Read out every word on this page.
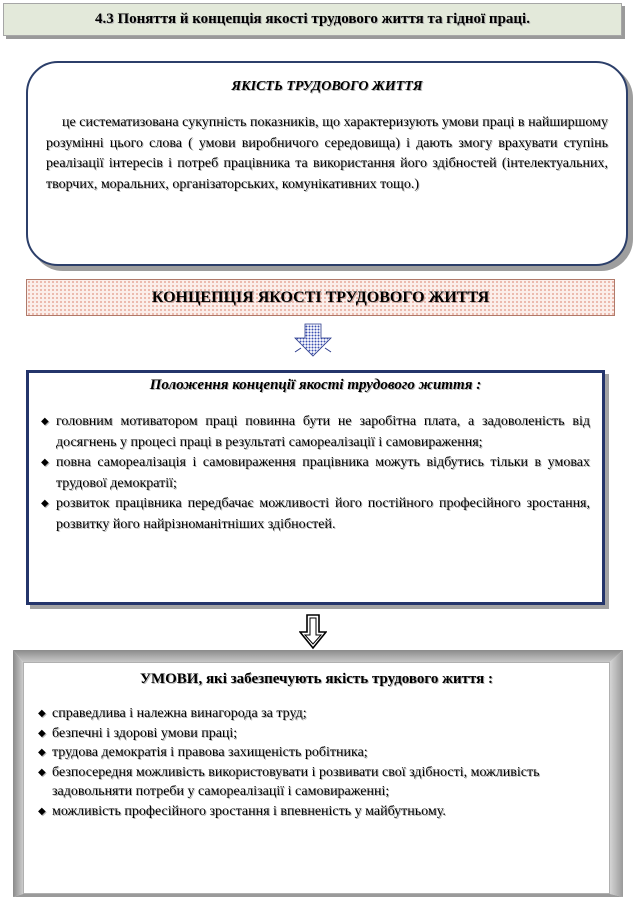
4.3 Поняття й концепція якості трудового життя та гідної праці.
ЯКІСТЬ ТРУДОВОГО ЖИТТЯ
це систематизована сукупність показників, що характеризують умови праці в найширшому розумінні цього слова ( умови виробничого середовища) і дають змогу врахувати ступінь реалізації інтересів і потреб працівника та використання його здібностей (інтелектуальних, творчих, моральних, організаторських, комунікативних тощо.)
КОНЦЕПЦІЯ ЯКОСТІ ТРУДОВОГО ЖИТТЯ
Положення концепції якості трудового життя :
◆ головним мотиватором праці повинна бути не заробітна плата, а задоволеність від досягнень у процесі праці в результаті самореалізації і самовираження;
◆ повна самореалізація і самовираження працівника можуть відбутись тільки в умовах трудової демократії;
◆ розвиток працівника передбачає можливості його постійного професійного зростання, розвитку його найрізноманітніших здібностей.
УМОВИ, які забезпечують якість трудового життя :
◆ справедлива і належна винагорода за труд;
◆ безпечні і здорові умови праці;
◆ трудова демократія і правова захищеність робітника;
◆ безпосередня можливість використовувати і розвивати свої здібності, можливість задовольняти потреби у самореалізації і самовираженні;
◆ можливість професійного зростання і впевненість у майбутньому.
